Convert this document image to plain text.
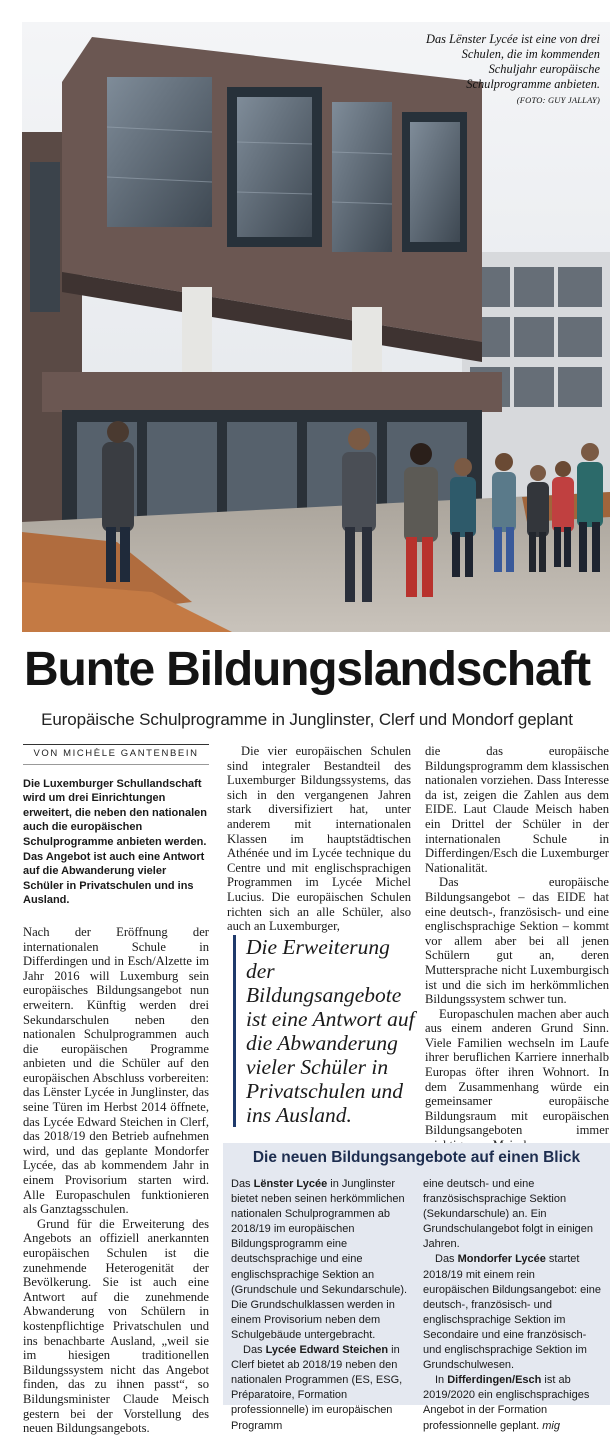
Das Lënster Lycée ist eine von drei Schulen, die im kommenden Schuljahr europäische Schulprogramme anbieten.
(FOTO: GUY JALLAY)
Bunte Bildungslandschaft
Europäische Schulprogramme in Junglinster, Clerf und Mondorf geplant
VON MICHÈLE GANTENBEIN

Die Luxemburger Schullandschaft wird um drei Einrichtungen erweitert, die neben den nationalen auch die europäischen Schulprogramme anbieten werden. Das Angebot ist auch eine Antwort auf die Abwanderung vieler Schüler in Privatschulen und ins Ausland.

Nach der Eröffnung der internationalen Schule in Differdingen und in Esch/Alzette im Jahr 2016 will Luxemburg sein europäisches Bildungsangebot nun erweitern. Künftig werden drei Sekundarschulen neben den nationalen Schulprogrammen auch die europäischen Programme anbieten und die Schüler auf den europäischen Abschluss vorbereiten: das Lënster Lycée in Junglinster, das seine Türen im Herbst 2014 öffnete, das Lycée Edward Steichen in Clerf, das 2018/19 den Betrieb aufnehmen wird, und das geplante Mondorfer Lycée, das ab kommendem Jahr in einem Provisorium starten wird. Alle Europaschulen funktionieren als Ganztagsschulen.

Grund für die Erweiterung des Angebots an offiziell anerkannten europäischen Schulen ist die zunehmende Heterogenität der Bevölkerung. Sie ist auch eine Antwort auf die zunehmende Abwanderung von Schülern in kostenpflichtige Privatschulen und ins benachbarte Ausland, „weil sie im hiesigen traditionellen Bildungssystem nicht das Angebot finden, das zu ihnen passt“, so Bildungsminister Claude Meisch gestern bei der Vorstellung des neuen Bildungsangebots.

Die vier europäischen Schulen sind integraler Bestandteil des Luxemburger Bildungssystems, das sich in den vergangenen Jahren stark diversifiziert hat, unter anderem mit internationalen Klassen im hauptstädtischen Athénée und im Lycée technique du Centre und mit englischsprachigen Programmen im Lycée Michel Lucius. Die europäischen Schulen richten sich an alle Schüler, also auch an Luxemburger,

Die Erweiterung der Bildungsangebote ist eine Antwort auf die Abwanderung vieler Schüler in Privatschulen und ins Ausland.

die das europäische Bildungsprogramm dem klassischen nationalen vorziehen. Dass Interesse da ist, zeigen die Zahlen aus dem EIDE. Laut Claude Meisch haben ein Drittel der Schüler in der internationalen Schule in Differdingen/Esch die Luxemburger Nationalität.

Das europäische Bildungsangebot – das EIDE hat eine deutsch-, französisch- und eine englischsprachige Sektion – kommt vor allem aber bei all jenen Schülern gut an, deren Muttersprache nicht Luxemburgisch ist und die sich im herkömmlichen Bildungssystem schwer tun.

Europaschulen machen aber auch aus einem anderen Grund Sinn. Viele Familien wechseln im Laufe ihrer beruflichen Karriere innerhalb Europas öfter ihren Wohnort. In dem Zusammenhang würde ein gemeinsamer europäische Bildungsraum mit europäischen Bildungsangeboten immer

Die neuen Bildungsangebote auf einen Blick

Das Lënster Lycée in Junglinster bietet neben seinen herkömmlichen nationalen Schulprogrammen ab 2018/19 im europäischen Bildungsprogramm eine deutschsprachige und eine englischsprachige Sektion an (Grundschule und Sekundarschule). Die Grundschulklassen werden in einem Provisorium neben dem Schulgebäude untergebracht.

Das Lycée Edward Steichen in Clerf bietet ab 2018/19 neben den nationalen Programmen (ES, ESG, Préparatoire, Formation professionnelle) im europäischen Programm

eine deutsch- und eine französischsprachige Sektion (Sekundarschule) an. Ein Grundschulangebot folgt in einigen Jahren.

Das Mondorfer Lycée startet 2018/19 mit einem rein europäischen Bildungsangebot: eine deutsch-, französisch- und englischsprachige Sektion im Secondaire und eine französisch- und englischsprachige Sektion im Grundschulwesen.

In Differdingen/Esch ist ab 2019/2020 ein englischsprachiges Angebot in der Formation professionnelle geplant. mig
